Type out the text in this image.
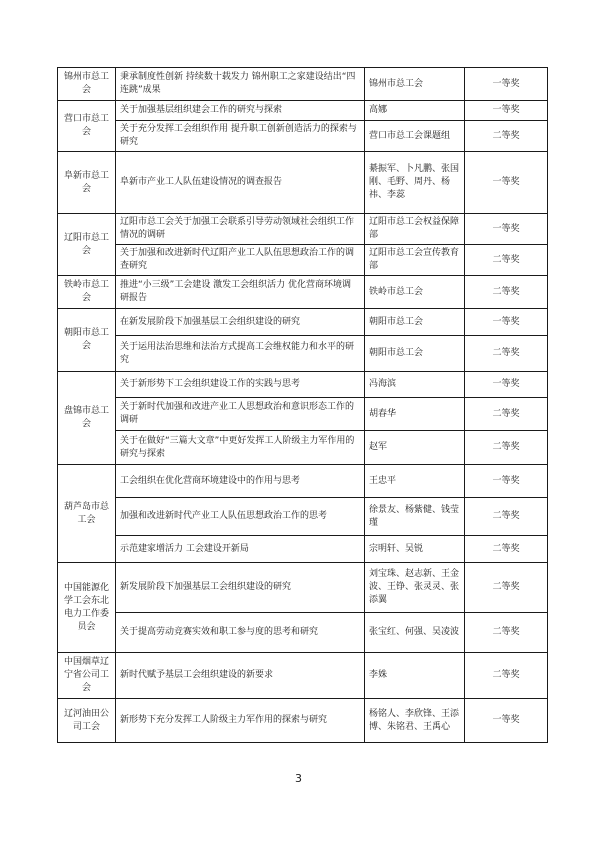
锦州市总工会	秉承制度性创新 持续数十载发力 锦州职工之家建设结出“四连跳”成果	锦州市总工会	一等奖
营口市总工会	关于加强基层组织建会工作的研究与探索	高娜	一等奖
	关于充分发挥工会组织作用 提升职工创新创造活力的探索与研究	营口市总工会课题组	二等奖
阜新市总工会	阜新市产业工人队伍建设情况的调查报告	綦振军、卜凡鹏、张国刚、毛野、周丹、杨祎、李蕊	一等奖
辽阳市总工会	辽阳市总工会关于加强工会联系引导劳动领域社会组织工作情况的调研	辽阳市总工会权益保障部	一等奖
	关于加强和改进新时代辽阳产业工人队伍思想政治工作的调查研究	辽阳市总工会宣传教育部	二等奖
铁岭市总工会	推进“小三级”工会建设 激发工会组织活力 优化营商环境调研报告	铁岭市总工会	二等奖
朝阳市总工会	在新发展阶段下加强基层工会组织建设的研究	朝阳市总工会	一等奖
	关于运用法治思维和法治方式提高工会维权能力和水平的研究	朝阳市总工会	二等奖
盘锦市总工会	关于新形势下工会组织建设工作的实践与思考	冯海滨	一等奖
	关于新时代加强和改进产业工人思想政治和意识形态工作的调研	胡春华	二等奖
	关于在做好“三篇大文章”中更好发挥工人阶级主力军作用的研究与探索	赵军	二等奖
葫芦岛市总工会	工会组织在优化营商环境建设中的作用与思考	王忠平	一等奖
	加强和改进新时代产业工人队伍思想政治工作的思考	徐景友、杨紫健、钱莹瑾	二等奖
	示范建家增活力 工会建设开新局	宗明轩、吴锐	二等奖
中国能源化学工会东北电力工作委员会	新发展阶段下加强基层工会组织建设的研究	刘宝珠、赵志新、王金波、王铮、张灵灵、张添翼	二等奖
	关于提高劳动竞赛实效和职工参与度的思考和研究	张宝红、何强、吴凌波	二等奖
中国烟草辽宁省公司工会	新时代赋予基层工会组织建设的新要求	李姝	二等奖
辽河油田公司工会	新形势下充分发挥工人阶级主力军作用的探索与研究	杨铭人、李欣锋、王添博、朱铭君、王禹心	一等奖
3
